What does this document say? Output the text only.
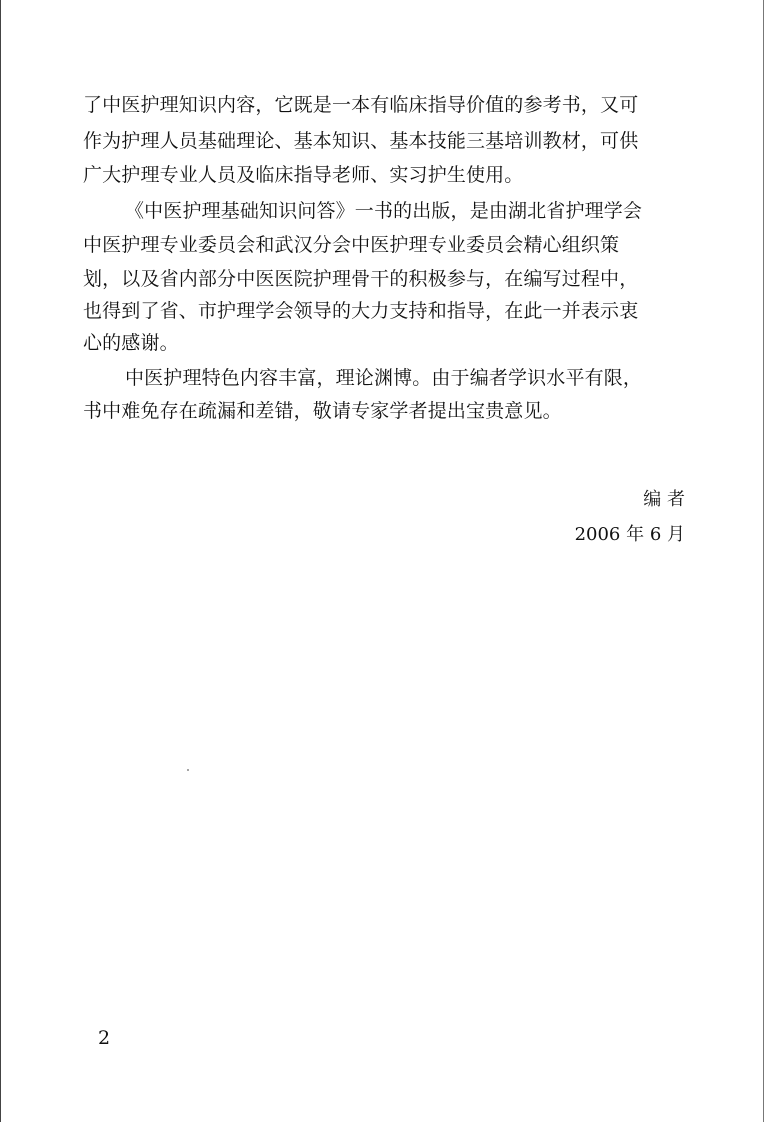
了中医护理知识内容，它既是一本有临床指导价值的参考书，又可
作为护理人员基础理论、基本知识、基本技能三基培训教材，可供
广大护理专业人员及临床指导老师、实习护生使用。
《中医护理基础知识问答》一书的出版，是由湖北省护理学会
中医护理专业委员会和武汉分会中医护理专业委员会精心组织策
划，以及省内部分中医医院护理骨干的积极参与，在编写过程中，
也得到了省、市护理学会领导的大力支持和指导，在此一并表示衷
心的感谢。
中医护理特色内容丰富，理论渊博。由于编者学识水平有限，
书中难免存在疏漏和差错，敬请专家学者提出宝贵意见。
编 者
2006 年 6 月
2
